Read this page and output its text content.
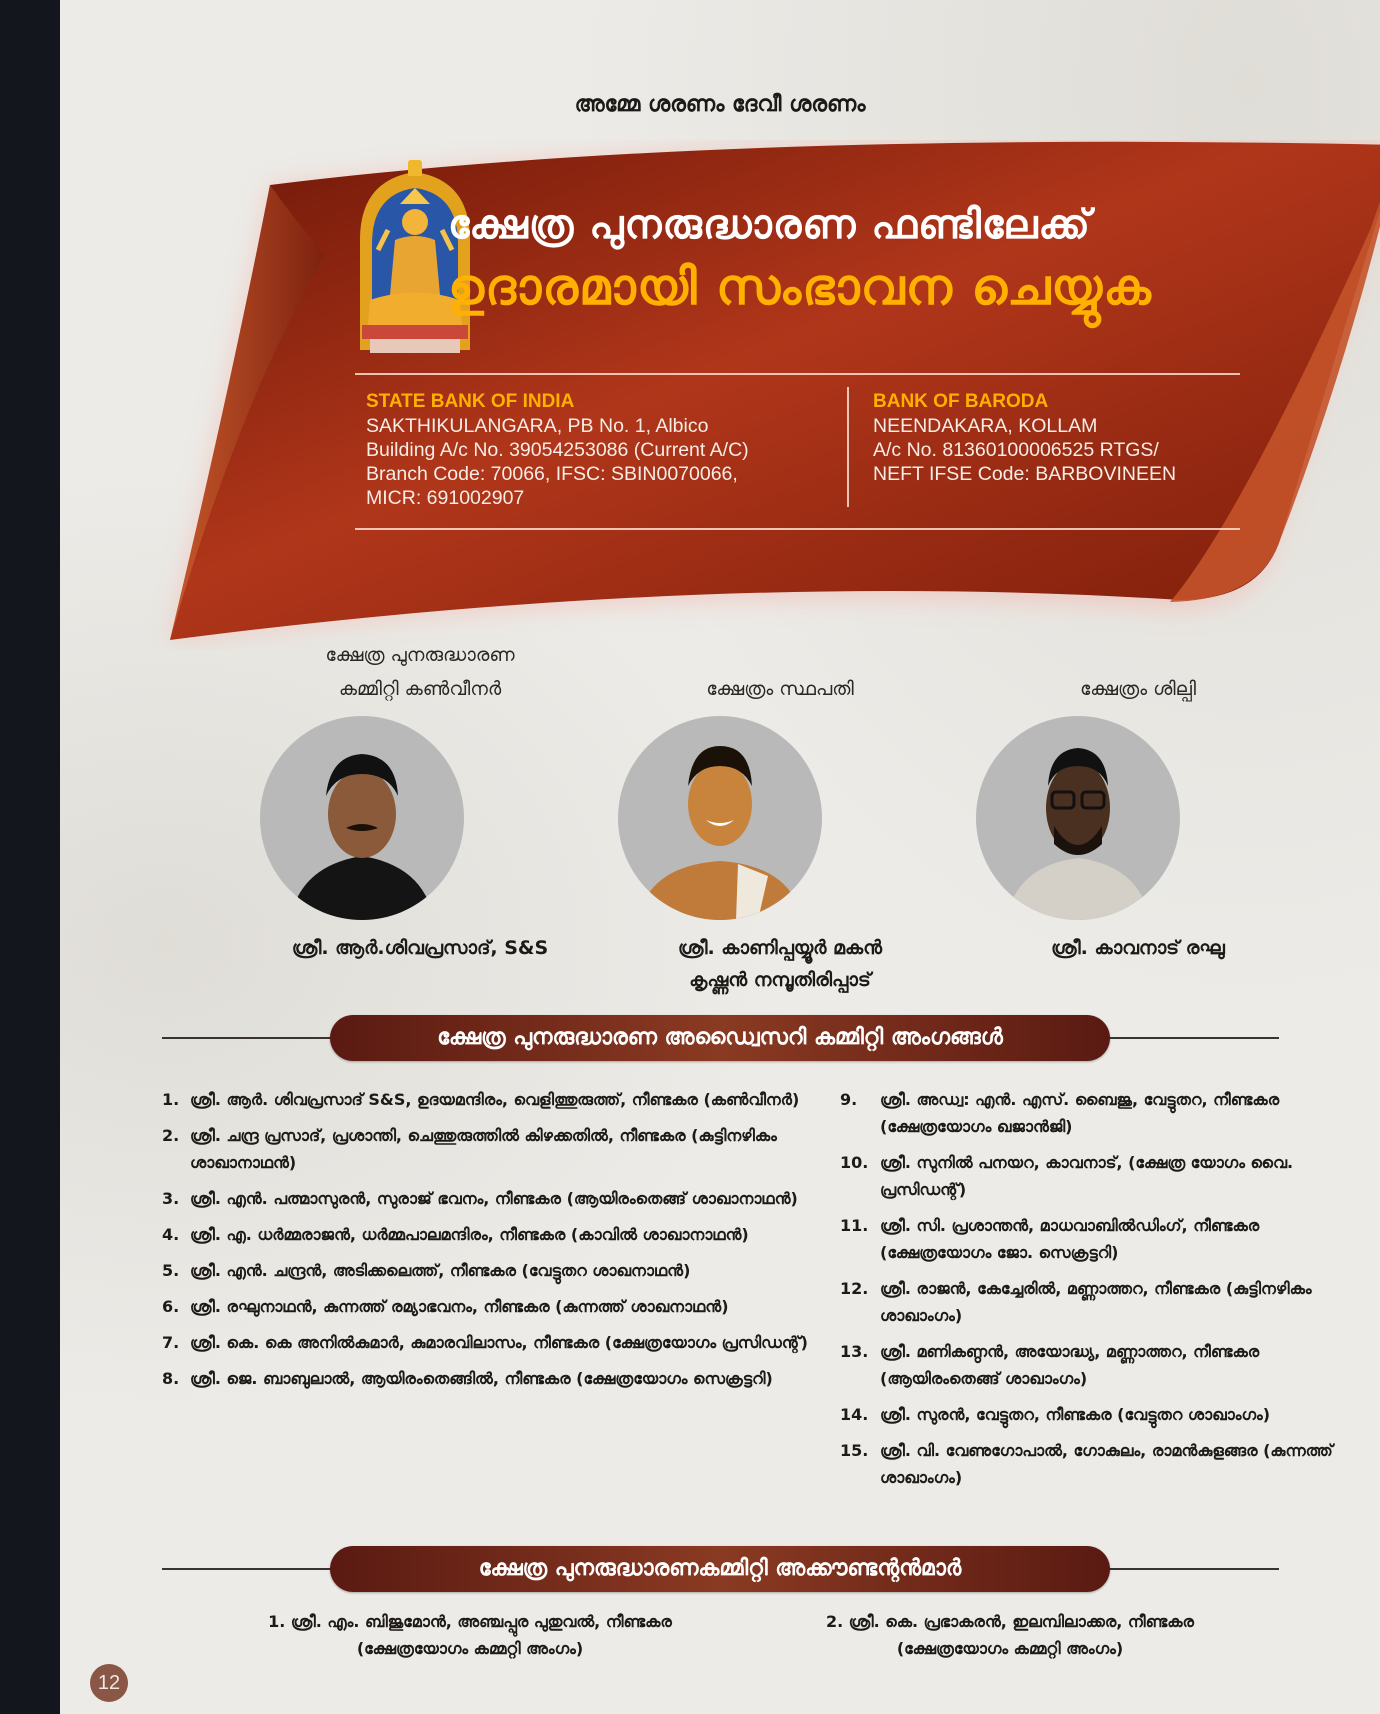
അമ്മേ ശരണം ദേവീ ശരണം
ക്ഷേത്ര പുനരുദ്ധാരണ ഫണ്ടിലേക്ക്
ഉദാരമായി സംഭാവന ചെയ്യുക
STATE BANK OF INDIA
SAKTHIKULANGARA, PB No. 1, Albico
Building A/c No. 39054253086 (Current A/C)
Branch Code: 70066, IFSC: SBIN0070066,
MICR: 691002907
BANK OF BARODA
NEENDAKARA, KOLLAM
A/c No. 81360100006525 RTGS/
NEFT IFSE Code: BARBOVINEEN
ക്ഷേത്ര പുനരുദ്ധാരണ
കമ്മിറ്റി കൺവീനർ	ക്ഷേത്രം സ്ഥപതി	ക്ഷേത്രം ശില്പി
ശ്രീ. ആർ.ശിവപ്രസാദ്, S&S	ശ്രീ. കാണിപ്പയ്യൂർ മകൻ
കൃഷ്ണൻ നമ്പൂതിരിപ്പാട്
ശ്രീ. കാവനാട് രഘു
ക്ഷേത്ര പുനരുദ്ധാരണ അഡ്വൈസറി കമ്മിറ്റി അംഗങ്ങൾ
1. ശ്രീ. ആർ. ശിവപ്രസാദ് S&S, ഉദയമന്ദിരം, വെളിത്തുരുത്ത്, നീണ്ടകര (കൺവീനർ)
2. ശ്രീ. ചന്ദ്ര പ്രസാദ്, പ്രശാന്തി, ചെത്തുരുത്തിൽ കിഴക്കതിൽ, നീണ്ടകര (കുട്ടിനഴികം ശാഖാനാഥൻ)
3. ശ്രീ. എൻ. പത്മാസുരൻ, സുരാജ് ഭവനം, നീണ്ടകര (ആയിരംതെങ്ങ് ശാഖാനാഥൻ)
4. ശ്രീ. എ. ധർമ്മരാജൻ, ധർമ്മപാലമന്ദിരം, നീണ്ടകര (കാവിൽ ശാഖാനാഥൻ)
5. ശ്രീ. എൻ. ചന്ദ്രൻ, അടിക്കലെത്ത്, നീണ്ടകര (വേട്ടുതറ ശാഖനാഥൻ)
6. ശ്രീ. രഘുനാഥൻ, കുന്നത്ത് രമ്യാഭവനം, നീണ്ടകര (കുന്നത്ത് ശാഖനാഥൻ)
7. ശ്രീ. കെ. കെ അനിൽകുമാർ, കുമാരവിലാസം, നീണ്ടകര (ക്ഷേത്രയോഗം പ്രസിഡന്റ്)
8. ശ്രീ. ജെ. ബാബുലാൽ, ആയിരംതെങ്ങിൽ, നീണ്ടകര (ക്ഷേത്രയോഗം സെക്രട്ടറി)
9. ശ്രീ. അഡ്വ: എൻ. എസ്. ബൈജു, വേട്ടുതറ, നീണ്ടകര (ക്ഷേത്രയോഗം ഖജാൻജി)
10. ശ്രീ. സുനിൽ പനയറ, കാവനാട്, (ക്ഷേത്ര യോഗം വൈ. പ്രസിഡന്റ്)
11. ശ്രീ. സി. പ്രശാന്തൻ, മാധവാബിൽഡിംഗ്, നീണ്ടകര (ക്ഷേത്രയോഗം ജോ. സെക്രട്ടറി)
12. ശ്രീ. രാജൻ, കേച്ചേരിൽ, മണ്ണാത്തറ, നീണ്ടകര (കുട്ടിനഴികം ശാഖാംഗം)
13. ശ്രീ. മണികണ്ഠൻ, അയോദ്ധ്യ, മണ്ണാത്തറ, നീണ്ടകര (ആയിരംതെങ്ങ് ശാഖാംഗം)
14. ശ്രീ. സുരൻ, വേട്ടുതറ, നീണ്ടകര (വേട്ടുതറ ശാഖാംഗം)
15. ശ്രീ. വി. വേണുഗോപാൽ, ഗോകുലം, രാമൻകുളങ്ങര (കുന്നത്ത് ശാഖാംഗം)
ക്ഷേത്ര പുനരുദ്ധാരണകമ്മിറ്റി അക്കൗണ്ടന്റൻമാർ
1. ശ്രീ. എം. ബിജുമോൻ, അഞ്ചപ്പുര പുതുവൽ, നീണ്ടകര
(ക്ഷേത്രയോഗം കമ്മറ്റി അംഗം)
2. ശ്രീ. കെ. പ്രഭാകരൻ, ഇലമ്പിലാക്കര, നീണ്ടകര
(ക്ഷേത്രയോഗം കമ്മറ്റി അംഗം)
12
